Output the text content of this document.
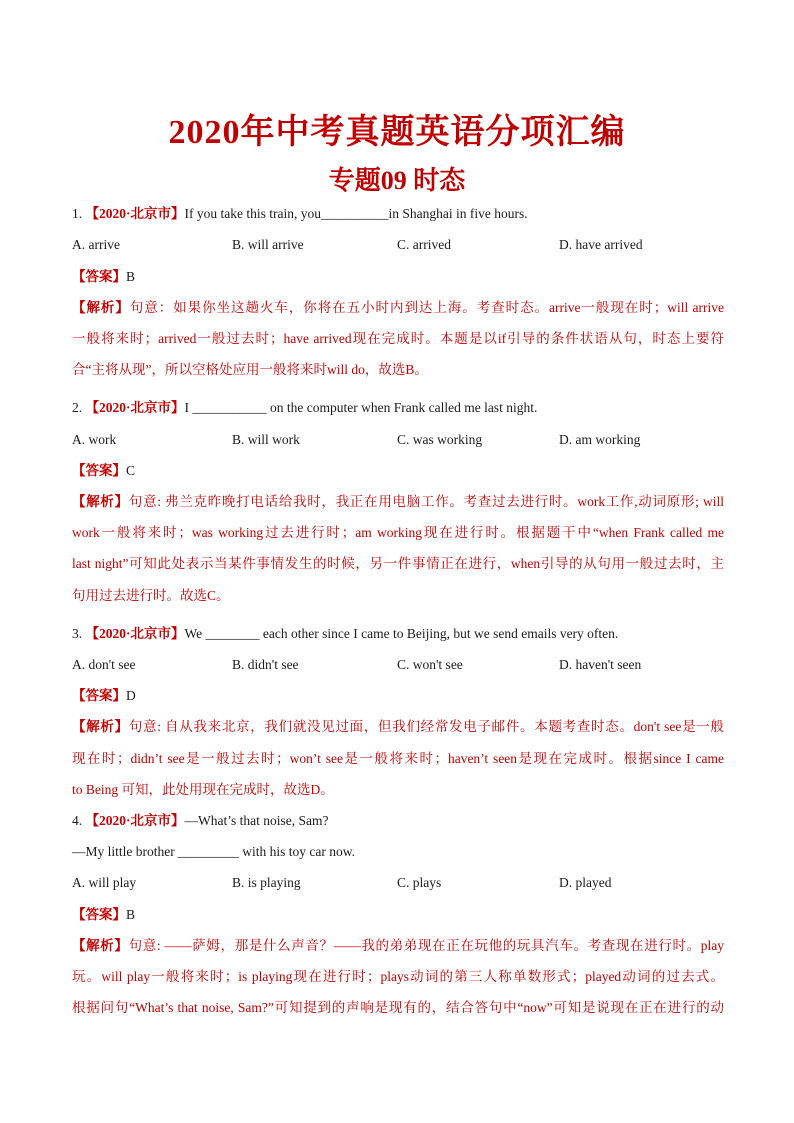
2020年中考真题英语分项汇编
专题09 时态
1. 【2020·北京市】If you take this train, you__________in Shanghai in five hours.
A. arrive	B. will arrive	C. arrived	D. have arrived
【答案】B
【解析】句意：如果你坐这趟火车，你将在五小时内到达上海。考查时态。arrive一般现在时；will arrive
一般将来时；arrived一般过去时；have arrived现在完成时。本题是以if引导的条件状语从句，时态上要符
合“主将从现”，所以空格处应用一般将来时will do，故选B。
2. 【2020·北京市】I ___________ on the computer when Frank called me last night.
A. work	B. will work	C. was working	D. am working
【答案】C
【解析】句意: 弗兰克昨晚打电话给我时，我正在用电脑工作。考查过去进行时。work工作,动词原形; will
work一般将来时；was working过去进行时；am working现在进行时。根据题干中“when Frank called me
last night”可知此处表示当某件事情发生的时候，另一件事情正在进行，when引导的从句用一般过去时，主
句用过去进行时。故选C。
3. 【2020·北京市】We ________ each other since I came to Beijing, but we send emails very often.
A. don't see	B. didn't see	C. won't see	D. haven't seen
【答案】D
【解析】句意: 自从我来北京，我们就没见过面，但我们经常发电子邮件。本题考查时态。don't see是一般
现在时；didn’t see是一般过去时；won’t see是一般将来时；haven’t seen是现在完成时。根据since I came
to Being 可知，此处用现在完成时，故选D。
4. 【2020·北京市】—What’s that noise, Sam?
—My little brother _________ with his toy car now.
A. will play	B. is playing	C. plays	D. played
【答案】B
【解析】句意: ——萨姆，那是什么声音？——我的弟弟现在正在玩他的玩具汽车。考查现在进行时。play
玩。will play一般将来时；is playing现在进行时；plays动词的第三人称单数形式；played动词的过去式。
根据问句“What’s that noise, Sam?”可知提到的声响是现有的，结合答句中“now”可知是说现在正在进行的动
